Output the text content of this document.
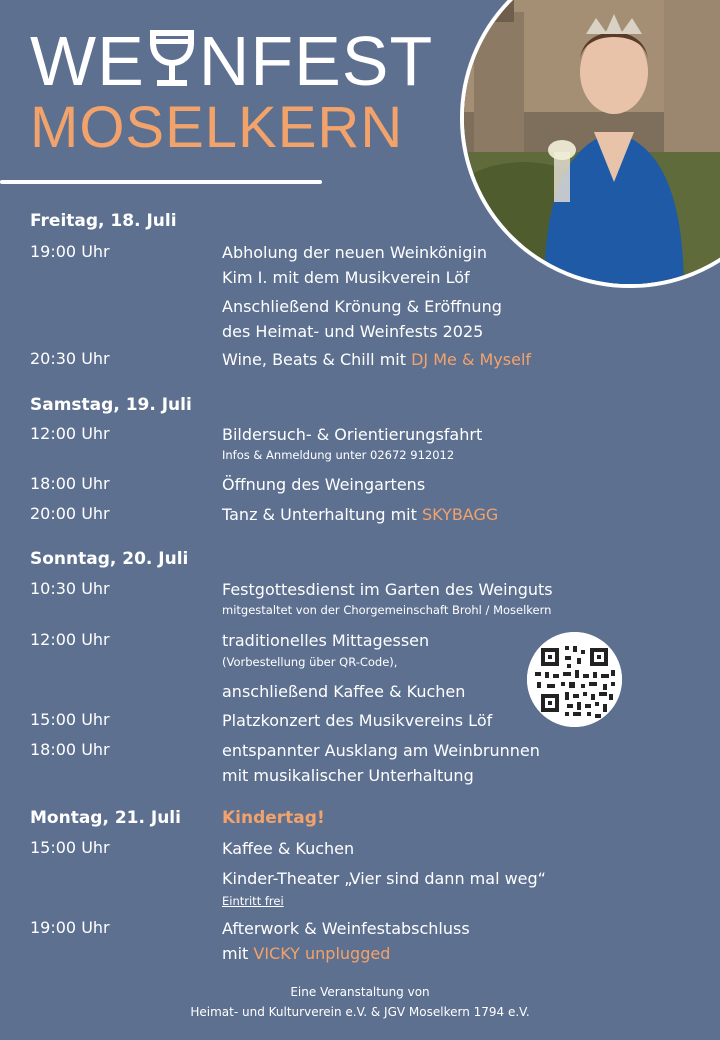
WE NFEST
MOSELKERN
Freitag, 18. Juli
19:00 Uhr	Abholung der neuen Weinkönigin
Kim I. mit dem Musikverein Löf
Anschließend Krönung & Eröffnung
des Heimat- und Weinfests 2025
20:30 Uhr	Wine, Beats & Chill mit DJ Me & Myself
Samstag, 19. Juli
12:00 Uhr	Bildersuch- & Orientierungsfahrt
Infos & Anmeldung unter 02672 912012
18:00 Uhr	Öffnung des Weingartens
20:00 Uhr	Tanz & Unterhaltung mit SKYBAGG
Sonntag, 20. Juli
10:30 Uhr	Festgottesdienst im Garten des Weinguts
mitgestaltet von der Chorgemeinschaft Brohl / Moselkern
12:00 Uhr	traditionelles Mittagessen
(Vorbestellung über QR-Code),
anschließend Kaffee & Kuchen
15:00 Uhr	Platzkonzert des Musikvereins Löf
18:00 Uhr	entspannter Ausklang am Weinbrunnen
mit musikalischer Unterhaltung
Montag, 21. Juli Kindertag!
15:00 Uhr	Kaffee & Kuchen
Kinder-Theater „Vier sind dann mal weg“
Eintritt frei
19:00 Uhr	Afterwork & Weinfestabschluss
mit VICKY unplugged
Eine Veranstaltung von
Heimat- und Kulturverein e.V. & JGV Moselkern 1794 e.V.
